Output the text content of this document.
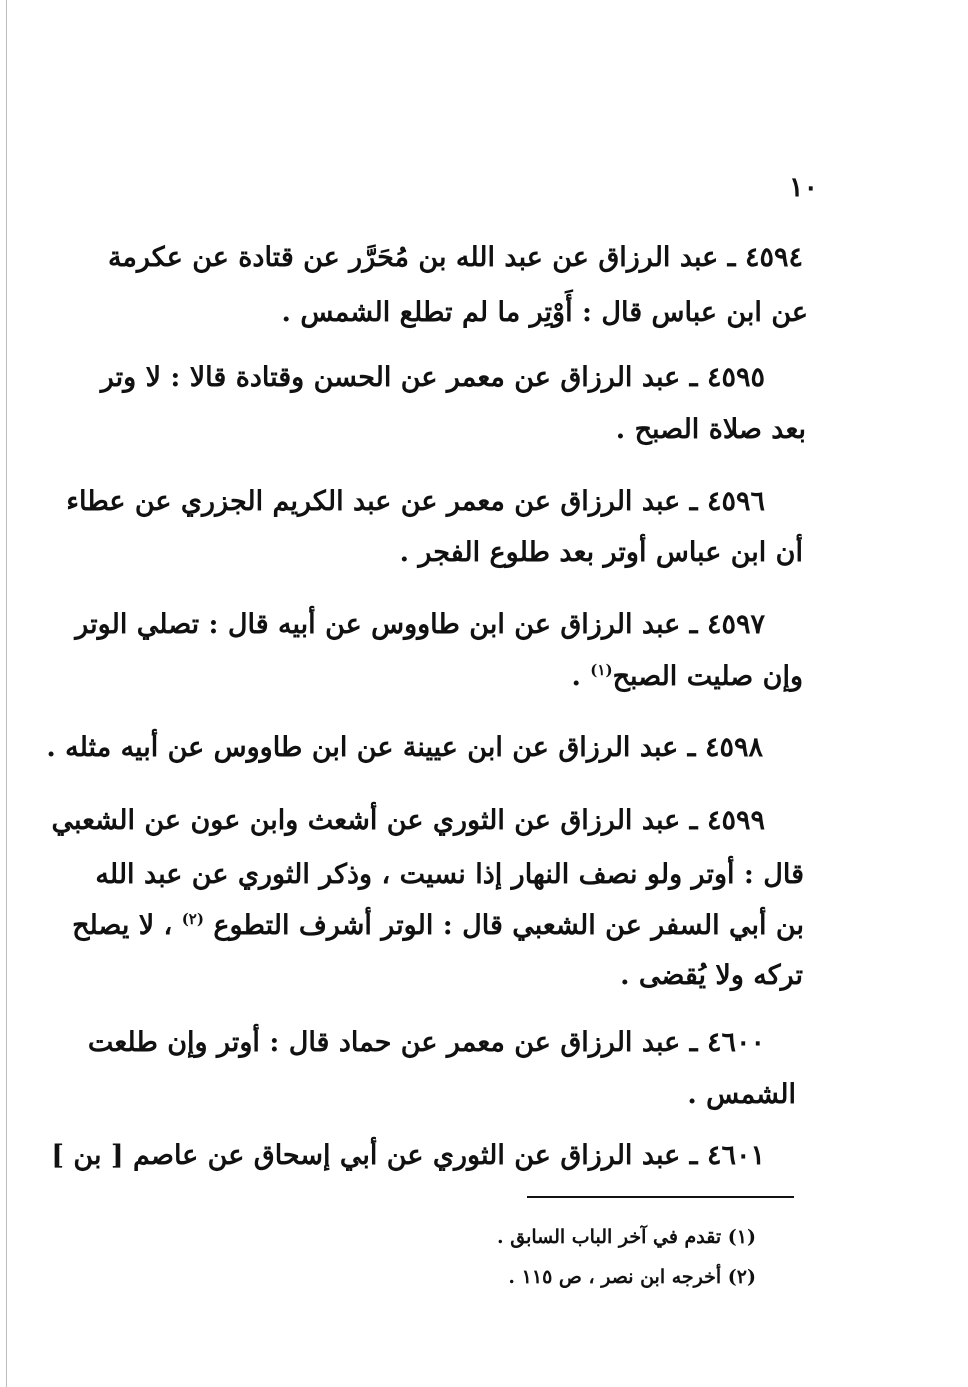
١٠
٤٥٩٤ ـ عبد الرزاق عن عبد الله بن مُحَرَّر عن قتادة عن عكرمة
عن ابن عباس قال : أَوْتِر ما لم تطلع الشمس .
٤٥٩٥ ـ عبد الرزاق عن معمر عن الحسن وقتادة قالا : لا وتر
بعد صلاة الصبح .
٤٥٩٦ ـ عبد الرزاق عن معمر عن عبد الكريم الجزري عن عطاء
أن ابن عباس أوتر بعد طلوع الفجر .
٤٥٩٧ ـ عبد الرزاق عن ابن طاووس عن أبيه قال : تصلي الوتر
وإن صليت الصبح$^{(١)}$ .
٤٥٩٨ ـ عبد الرزاق عن ابن عيينة عن ابن طاووس عن أبيه مثله .
٤٥٩٩ ـ عبد الرزاق عن الثوري عن أشعث وابن عون عن الشعبي
قال : أوتر ولو نصف النهار إذا نسيت ، وذكر الثوري عن عبد الله
بن أبي السفر عن الشعبي قال : الوتر أشرف التطوع $^{(٢)}$ ، لا يصلح
تركه ولا يُقضى .
٤٦٠٠ ـ عبد الرزاق عن معمر عن حماد قال : أوتر وإن طلعت
الشمس .
٤٦٠١ ـ عبد الرزاق عن الثوري عن أبي إسحاق عن عاصم [ بن ]
(١) تقدم في آخر الباب السابق .
(٢) أخرجه ابن نصر ، ص ١١٥ .
